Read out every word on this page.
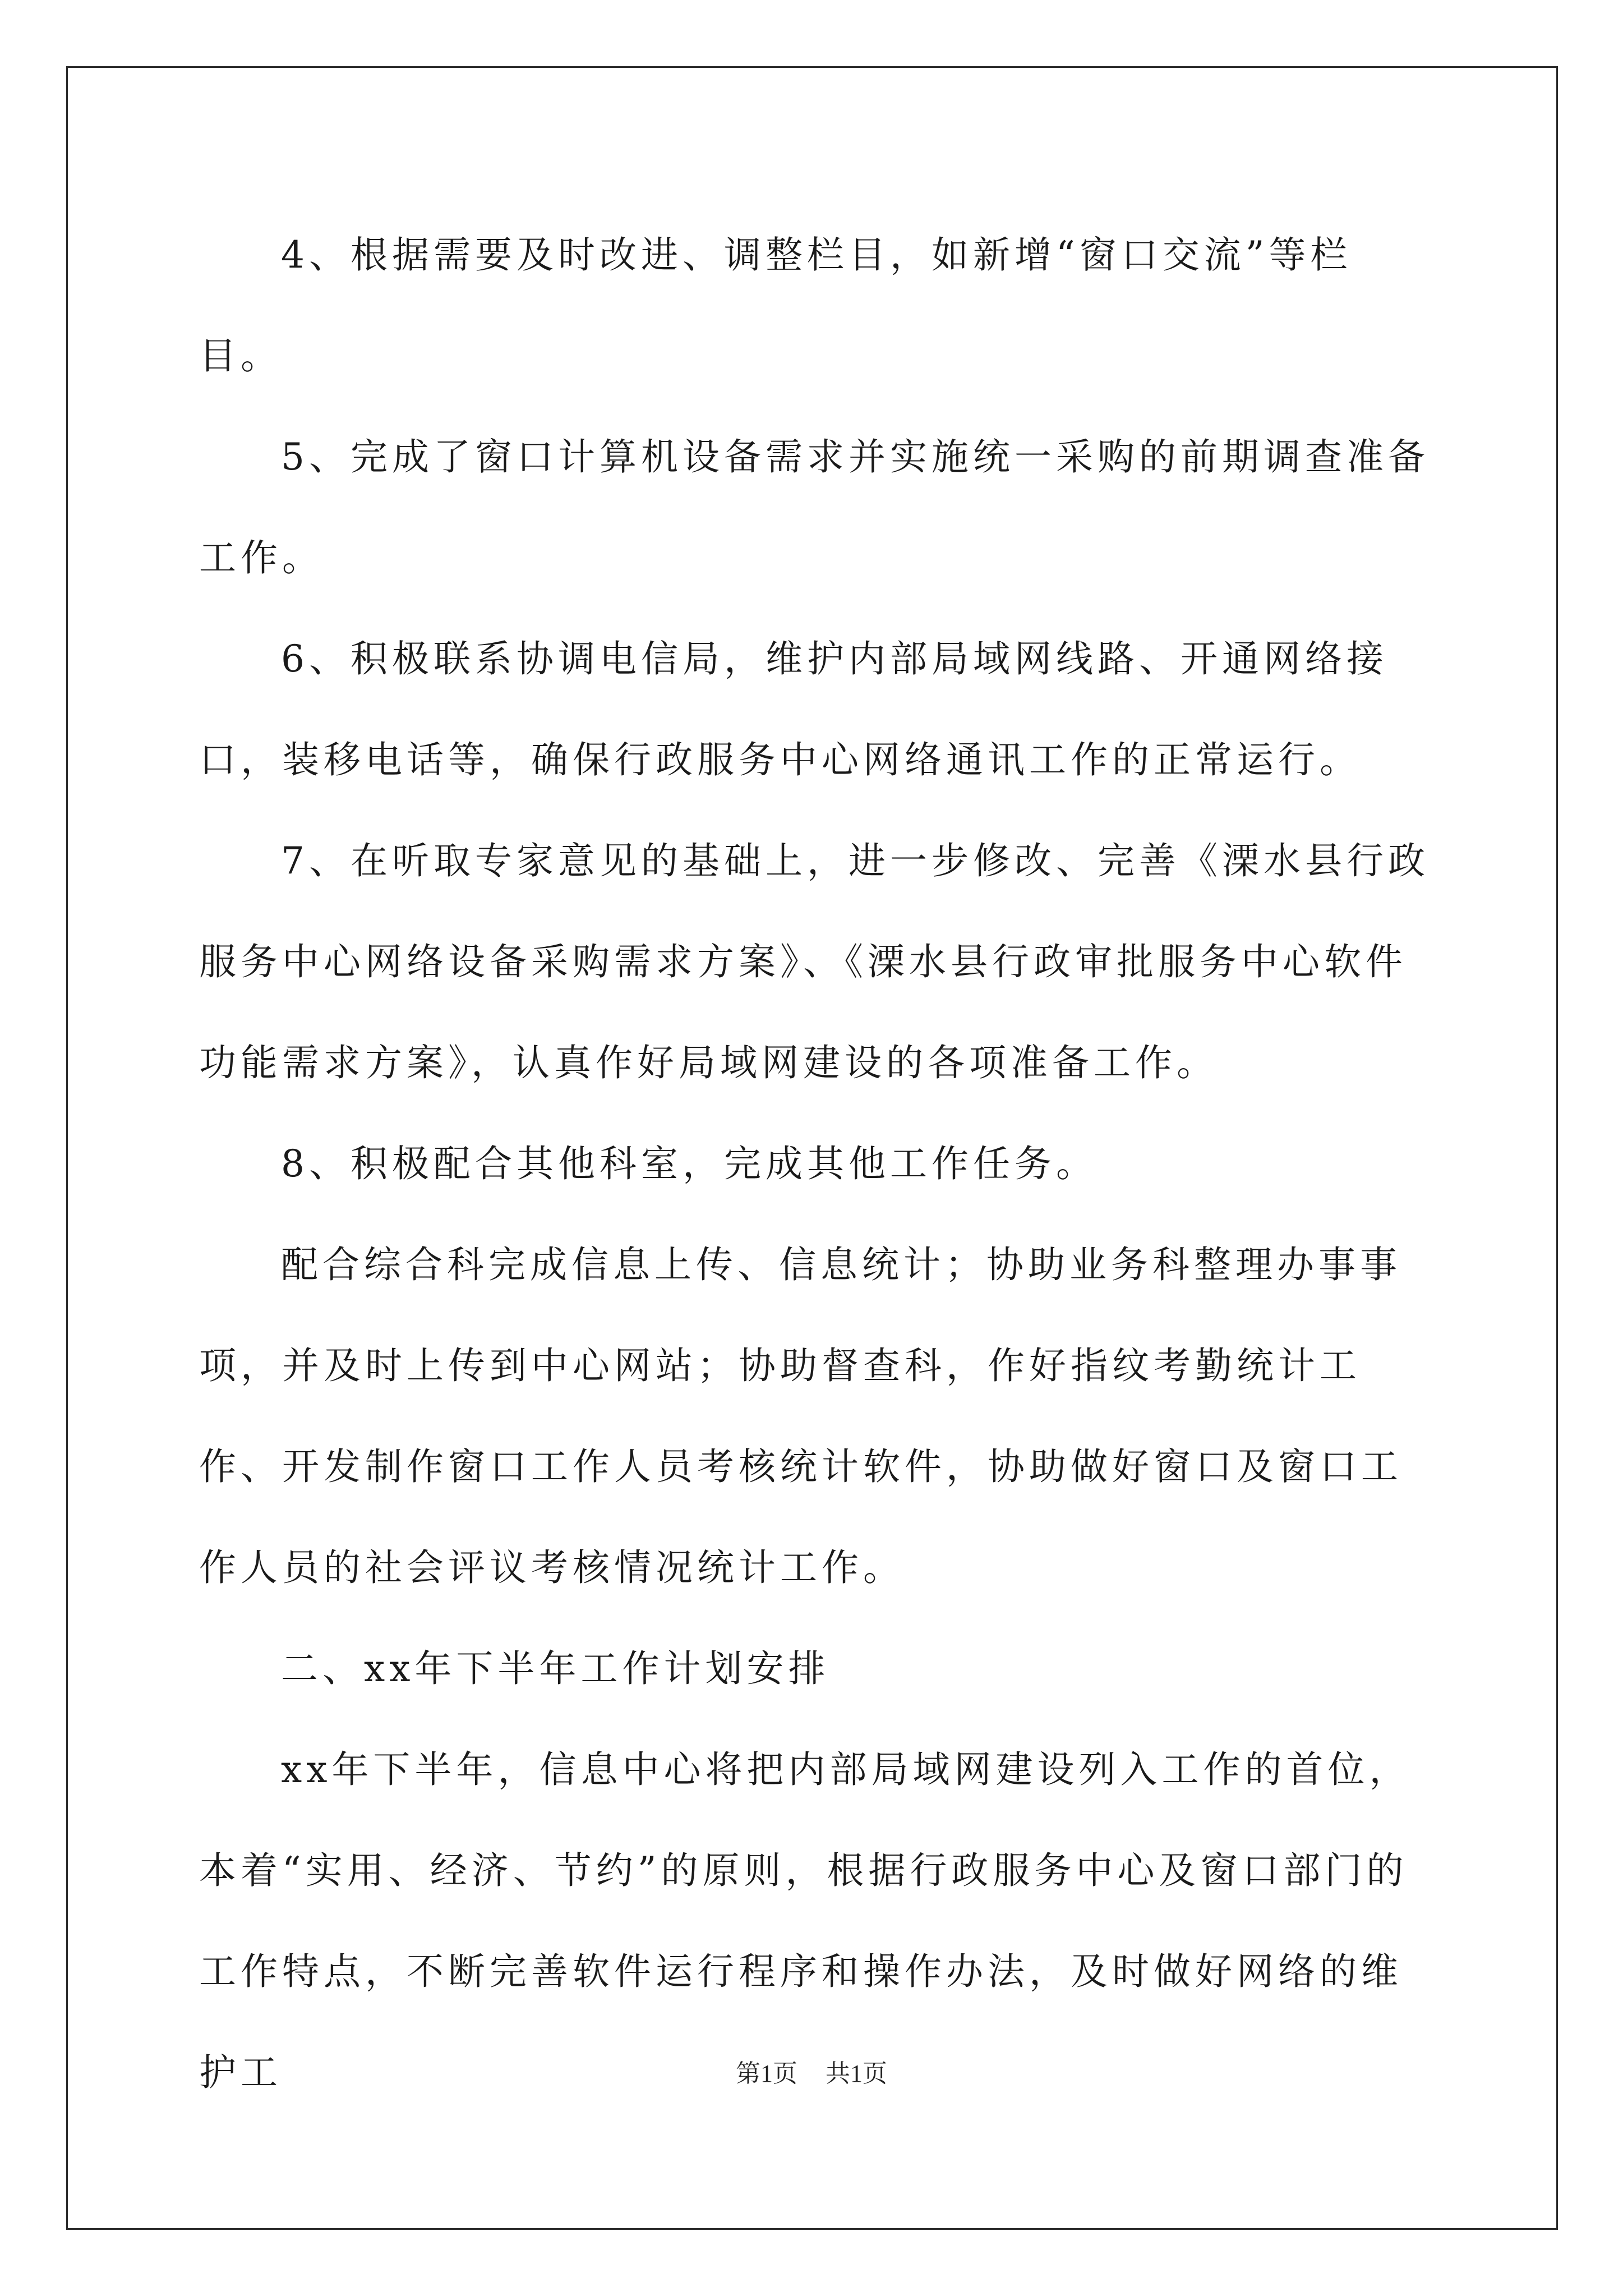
4、根据需要及时改进、调整栏目，如新增“窗口交流”等栏目。

5、完成了窗口计算机设备需求并实施统一采购的前期调查准备工作。

6、积极联系协调电信局，维护内部局域网线路、开通网络接口，装移电话等，确保行政服务中心网络通讯工作的正常运行。

7、在听取专家意见的基础上，进一步修改、完善《溧水县行政服务中心网络设备采购需求方案》、《溧水县行政审批服务中心软件功能需求方案》，认真作好局域网建设的各项准备工作。

8、积极配合其他科室，完成其他工作任务。

配合综合科完成信息上传、信息统计；协助业务科整理办事事项，并及时上传到中心网站；协助督查科，作好指纹考勤统计工作、开发制作窗口工作人员考核统计软件，协助做好窗口及窗口工作人员的社会评议考核情况统计工作。

二、xx年下半年工作计划安排

xx年下半年，信息中心将把内部局域网建设列入工作的首位，本着“实用、经济、节约”的原则，根据行政服务中心及窗口部门的工作特点，不断完善软件运行程序和操作办法，及时做好网络的维护工	第1页 共1页
